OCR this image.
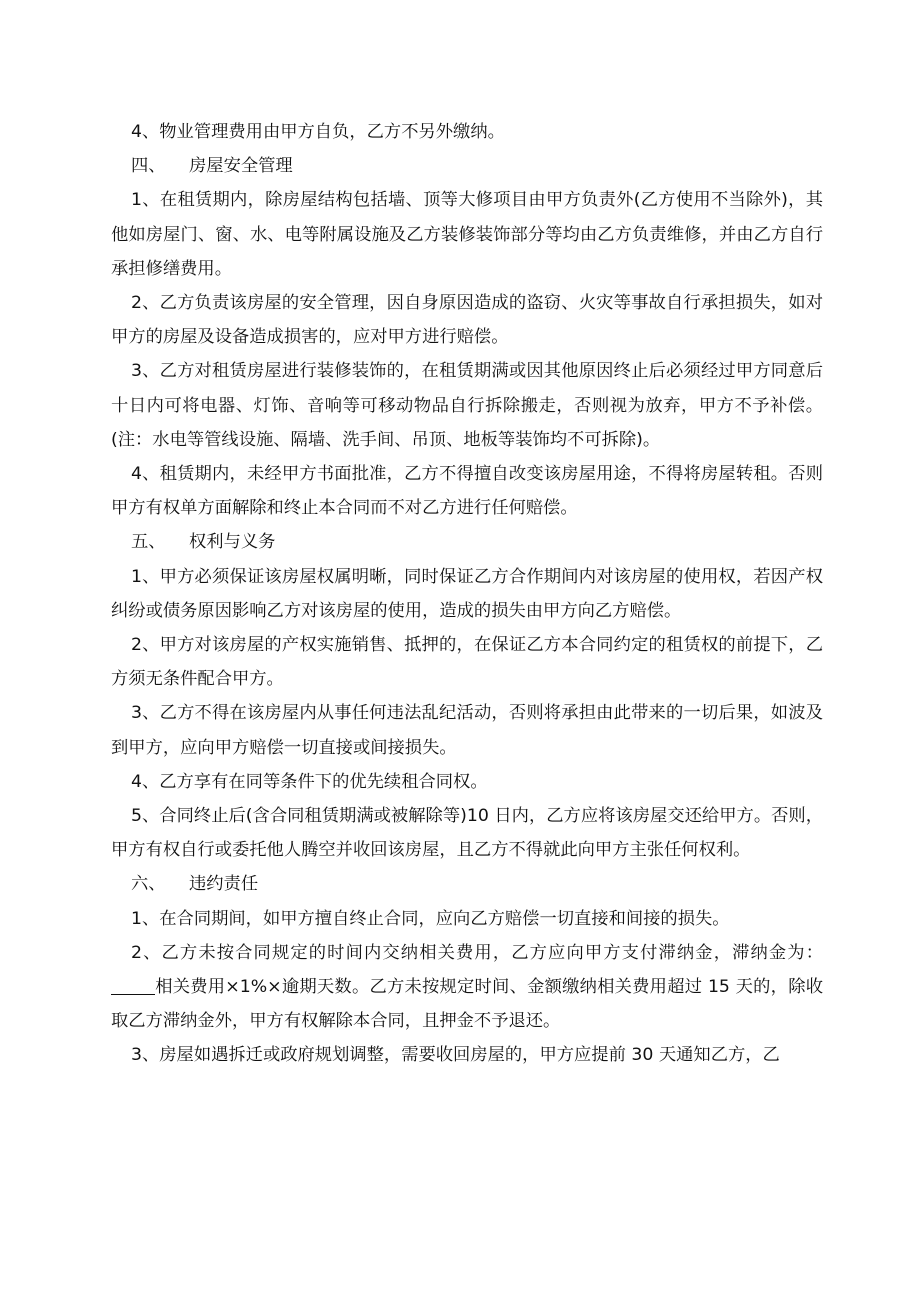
4、物业管理费用由甲方自负，乙方不另外缴纳。

四、 房屋安全管理

1、在租赁期内，除房屋结构包括墙、顶等大修项目由甲方负责外(乙方使用不当除外)，其他如房屋门、窗、水、电等附属设施及乙方装修装饰部分等均由乙方负责维修，并由乙方自行承担修缮费用。

2、乙方负责该房屋的安全管理，因自身原因造成的盗窃、火灾等事故自行承担损失，如对甲方的房屋及设备造成损害的，应对甲方进行赔偿。

3、乙方对租赁房屋进行装修装饰的，在租赁期满或因其他原因终止后必须经过甲方同意后十日内可将电器、灯饰、音响等可移动物品自行拆除搬走，否则视为放弃，甲方不予补偿。(注：水电等管线设施、隔墙、洗手间、吊顶、地板等装饰均不可拆除)。

4、租赁期内，未经甲方书面批准，乙方不得擅自改变该房屋用途，不得将房屋转租。否则甲方有权单方面解除和终止本合同而不对乙方进行任何赔偿。

五、 权利与义务

1、甲方必须保证该房屋权属明晰，同时保证乙方合作期间内对该房屋的使用权，若因产权纠纷或债务原因影响乙方对该房屋的使用，造成的损失由甲方向乙方赔偿。

2、甲方对该房屋的产权实施销售、抵押的，在保证乙方本合同约定的租赁权的前提下，乙方须无条件配合甲方。

3、乙方不得在该房屋内从事任何违法乱纪活动，否则将承担由此带来的一切后果，如波及到甲方，应向甲方赔偿一切直接或间接损失。

4、乙方享有在同等条件下的优先续租合同权。

5、合同终止后(含合同租赁期满或被解除等)10 日内，乙方应将该房屋交还给甲方。否则，甲方有权自行或委托他人腾空并收回该房屋，且乙方不得就此向甲方主张任何权利。

六、 违约责任

1、在合同期间，如甲方擅自终止合同，应向乙方赔偿一切直接和间接的损失。

2、乙方未按合同规定的时间内交纳相关费用，乙方应向甲方支付滞纳金，滞纳金为：相关费用×1%×逾期天数。乙方未按规定时间、金额缴纳相关费用超过 15 天的，除收取乙方滞纳金外，甲方有权解除本合同，且押金不予退还。

3、房屋如遇拆迁或政府规划调整，需要收回房屋的，甲方应提前 30 天通知乙方，乙
